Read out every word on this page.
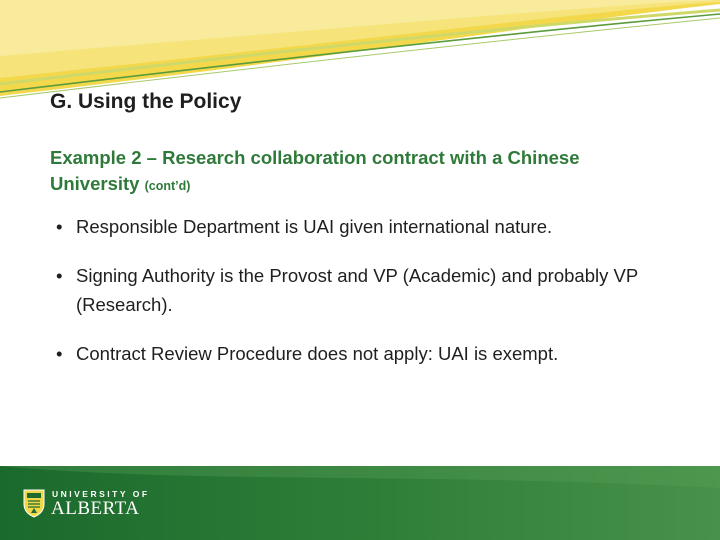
G. Using the Policy

Example 2 – Research collaboration contract with a Chinese University (cont’d)

• Responsible Department is UAI given international nature.
• Signing Authority is the Provost and VP (Academic) and probably VP (Research).
• Contract Review Procedure does not apply: UAI is exempt.
UNIVERSITY OF
ALBERTA
